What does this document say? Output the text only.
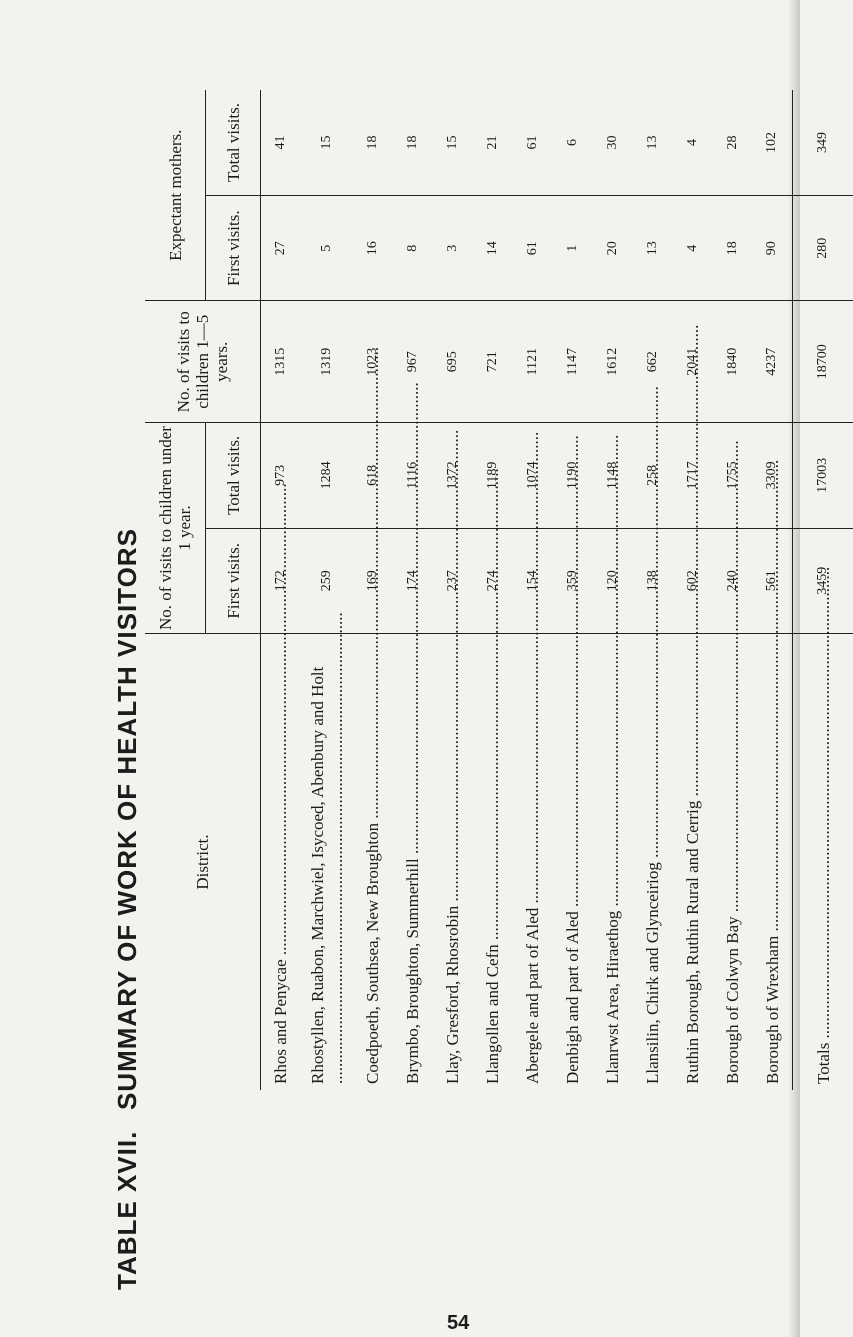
SUMMARY OF WORK OF HEALTH VISITORS
TABLE XVII.
District.	No. of visits to children under 1 year.		No. of visits to children 1—5 years.	Expectant mothers.	
	First visits.	Total visits.		First visits.	Total visits.
Rhos and Penycae .....	172	973	1315	27	41
Rhostyllen, Ruabon, Marchwiel, Isycoed, Abenbury and Holt .....	259	1284	1319	5	15
Coedpoeth, Southsea, New Broughton .....	169	618	1023	16	18
Brymbo, Broughton, Summerhill .....	174	1116	967	8	18
Llay, Gresford, Rhosrobin .....	237	1372	695	3	15
Llangollen and Cefn .....	274	1189	721	14	21
Abergele and part of Aled .....	154	1074	1121	61	61
Denbigh and part of Aled .....	359	1190	1147	1	6
Llanrwst Area, Hiraethog .....	120	1148	1612	20	30
Llansilin, Chirk and Glynceiriog .....	138	258	662	13	13
Ruthin Borough, Ruthin Rural and Cerrig .....	602	1717	2041	4	4
Borough of Colwyn Bay .....	240	1755	1840	18	28
Borough of Wrexham .....	561	3309	4237	90	102
Totals .....	3459	17003	18700	280	349
54
